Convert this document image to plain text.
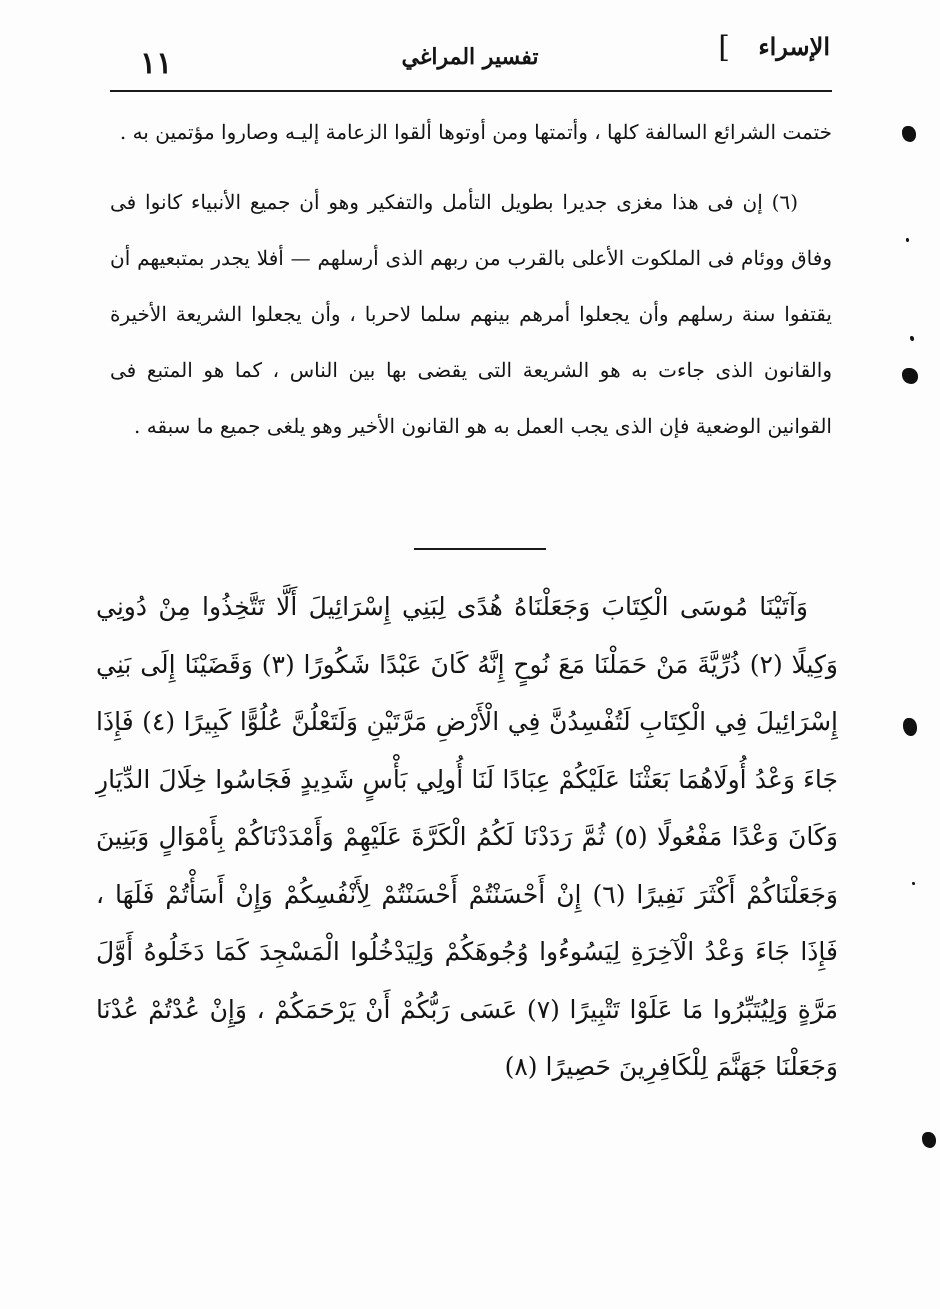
الإسراء
]
تفسير المراغي
١١

ختمت الشرائع السالفة كلها ، وأتمتها ومن أوتوها ألقوا الزعامة إليـه وصاروا مؤتمين به .

(٦) إن فى هذا مغزى جديرا بطويل التأمل والتفكير وهو أن جميع الأنبياء كانوا فى وفاق ووئام فى الملكوت الأعلى بالقرب من ربهم الذى أرسلهم — أفلا يجدر بمتبعيهم أن يقتفوا سنة رسلهم وأن يجعلوا أمرهم بينهم سلما لاحربا ، وأن يجعلوا الشريعة الأخيرة والقانون الذى جاءت به هو الشريعة التى يقضى بها بين الناس ، كما هو المتبع فى القوانين الوضعية فإن الذى يجب العمل به هو القانون الأخير وهو يلغى جميع ما سبقه .

وَآتَيْنَا مُوسَى الْكِتَابَ وَجَعَلْنَاهُ هُدًى لِبَنِي إِسْرَائِيلَ أَلَّا تَتَّخِذُوا مِنْ دُونِي وَكِيلًا (٢) ذُرِّيَّةَ مَنْ حَمَلْنَا مَعَ نُوحٍ إِنَّهُ كَانَ عَبْدًا شَكُورًا (٣) وَقَضَيْنَا إِلَى بَنِي إِسْرَائِيلَ فِي الْكِتَابِ لَتُفْسِدُنَّ فِي الْأَرْضِ مَرَّتَيْنِ وَلَتَعْلُنَّ عُلُوًّا كَبِيرًا (٤) فَإِذَا جَاءَ وَعْدُ أُولَاهُمَا بَعَثْنَا عَلَيْكُمْ عِبَادًا لَنَا أُولِي بَأْسٍ شَدِيدٍ فَجَاسُوا خِلَالَ الدِّيَارِ وَكَانَ وَعْدًا مَفْعُولًا (٥) ثُمَّ رَدَدْنَا لَكُمُ الْكَرَّةَ عَلَيْهِمْ وَأَمْدَدْنَاكُمْ بِأَمْوَالٍ وَبَنِينَ وَجَعَلْنَاكُمْ أَكْثَرَ نَفِيرًا (٦) إِنْ أَحْسَنْتُمْ أَحْسَنْتُمْ لِأَنْفُسِكُمْ وَإِنْ أَسَأْتُمْ فَلَهَا ، فَإِذَا جَاءَ وَعْدُ الْآخِرَةِ لِيَسُوءُوا وُجُوهَكُمْ وَلِيَدْخُلُوا الْمَسْجِدَ كَمَا دَخَلُوهُ أَوَّلَ مَرَّةٍ وَلِيُتَبِّرُوا مَا عَلَوْا تَتْبِيرًا (٧) عَسَى رَبُّكُمْ أَنْ يَرْحَمَكُمْ ، وَإِنْ عُدْتُمْ عُدْنَا وَجَعَلْنَا جَهَنَّمَ لِلْكَافِرِينَ حَصِيرًا (٨)
